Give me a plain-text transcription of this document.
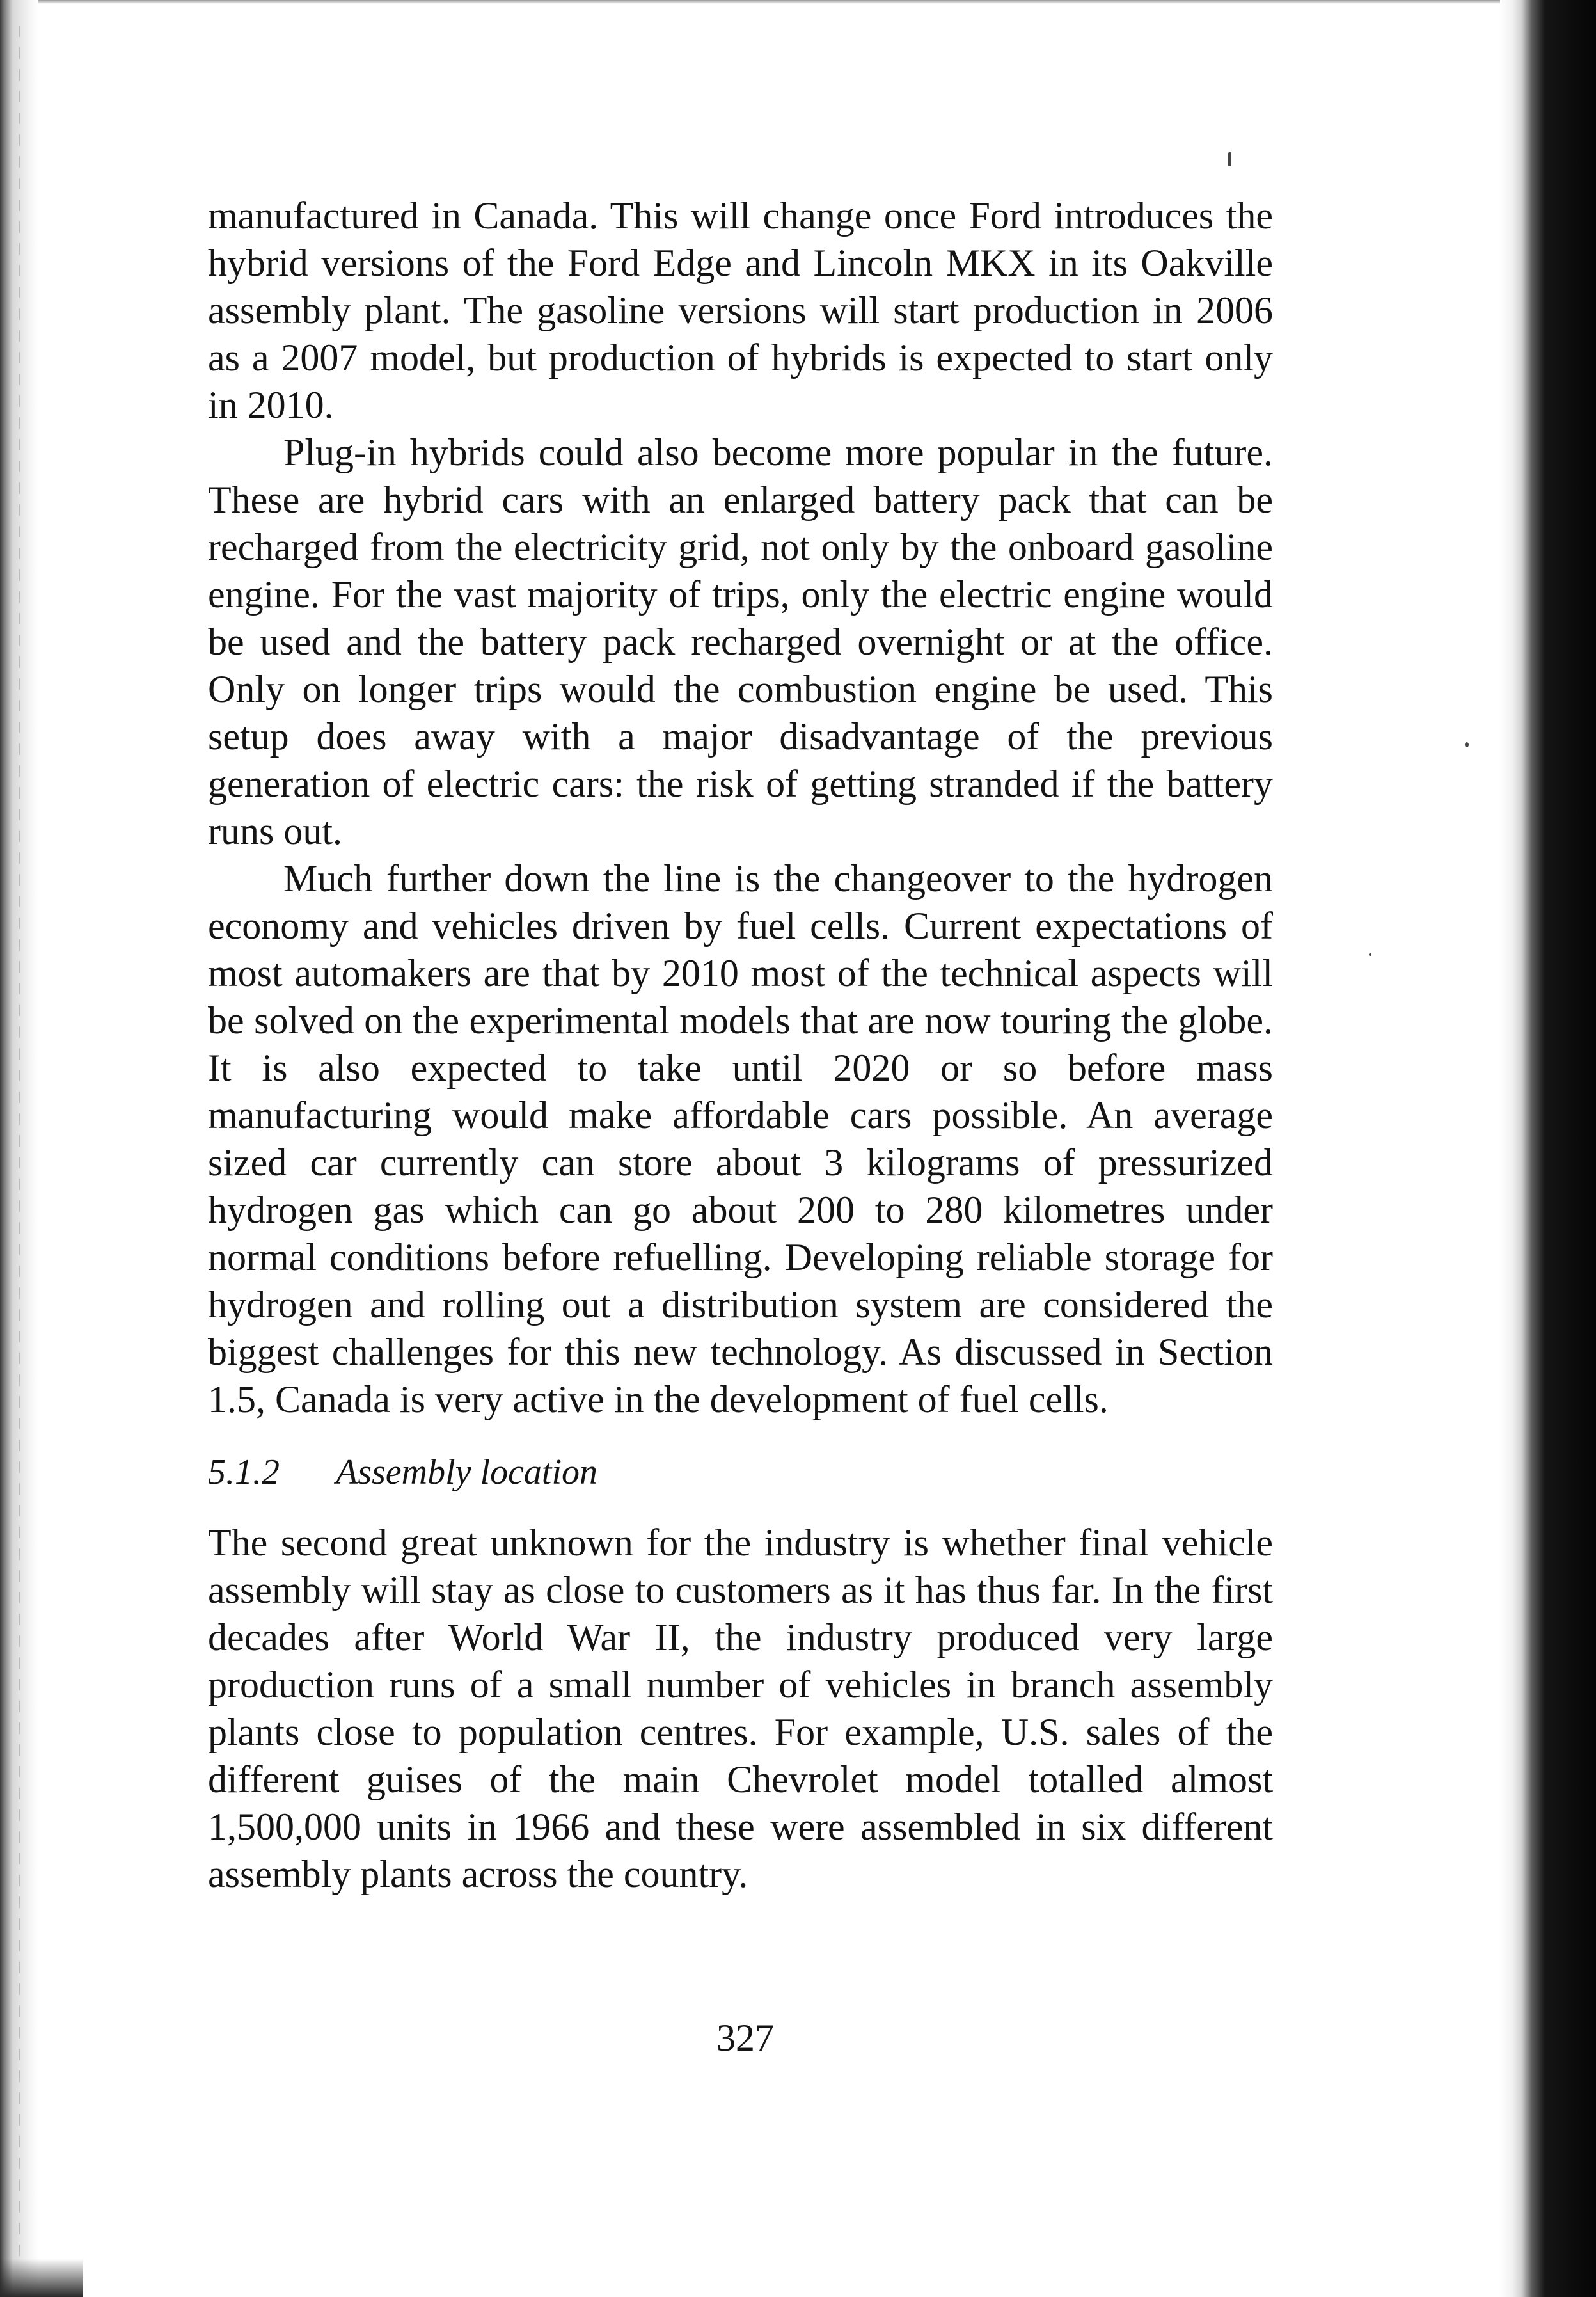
manufactured in Canada. This will change once Ford introduces the hybrid versions of the Ford Edge and Lincoln MKX in its Oakville assembly plant. The gasoline versions will start production in 2006 as a 2007 model, but production of hybrids is expected to start only in 2010.

Plug-in hybrids could also become more popular in the future. These are hybrid cars with an enlarged battery pack that can be recharged from the electricity grid, not only by the onboard gasoline engine. For the vast majority of trips, only the electric engine would be used and the battery pack recharged overnight or at the office. Only on longer trips would the combustion engine be used. This setup does away with a major disadvantage of the previous generation of electric cars: the risk of getting stranded if the battery runs out.

Much further down the line is the changeover to the hydrogen economy and vehicles driven by fuel cells. Current expectations of most automakers are that by 2010 most of the technical aspects will be solved on the experimental models that are now touring the globe. It is also expected to take until 2020 or so before mass manufacturing would make affordable cars possible. An average sized car currently can store about 3 kilograms of pressurized hydrogen gas which can go about 200 to 280 kilometres under normal conditions before refuelling. Developing reliable storage for hydrogen and rolling out a distribution system are considered the biggest challenges for this new technology. As discussed in Section 1.5, Canada is very active in the development of fuel cells.

5.1.2 Assembly location

The second great unknown for the industry is whether final vehicle assembly will stay as close to customers as it has thus far. In the first decades after World War II, the industry produced very large production runs of a small number of vehicles in branch assembly plants close to population centres. For example, U.S. sales of the different guises of the main Chevrolet model totalled almost 1,500,000 units in 1966 and these were assembled in six different assembly plants across the country.

327
